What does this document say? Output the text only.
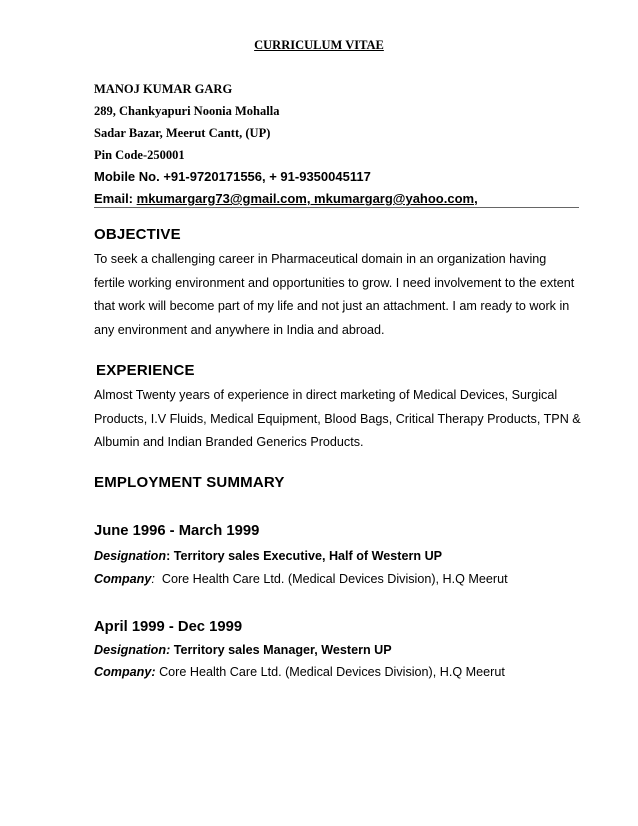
CURRICULUM VITAE
MANOJ KUMAR GARG
289, Chankyapuri Noonia Mohalla
Sadar Bazar, Meerut Cantt, (UP)
Pin Code-250001
Mobile No. +91-9720171556, + 91-9350045117
Email: mkumargarg73@gmail.com, mkumargarg@yahoo.com,
OBJECTIVE
To seek a challenging career in Pharmaceutical domain in an organization having
fertile working environment and opportunities to grow. I need involvement to the extent
that work will become part of my life and not just an attachment. I am ready to work in
any environment and anywhere in India and abroad.
EXPERIENCE
Almost Twenty years of experience in direct marketing of Medical Devices, Surgical
Products, I.V Fluids, Medical Equipment, Blood Bags, Critical Therapy Products, TPN &
Albumin and Indian Branded Generics Products.
EMPLOYMENT SUMMARY
June 1996 - March 1999
Designation: Territory sales Executive, Half of Western UP
Company:  Core Health Care Ltd. (Medical Devices Division), H.Q Meerut
April 1999 - Dec 1999
Designation: Territory sales Manager, Western UP
Company: Core Health Care Ltd. (Medical Devices Division), H.Q Meerut
